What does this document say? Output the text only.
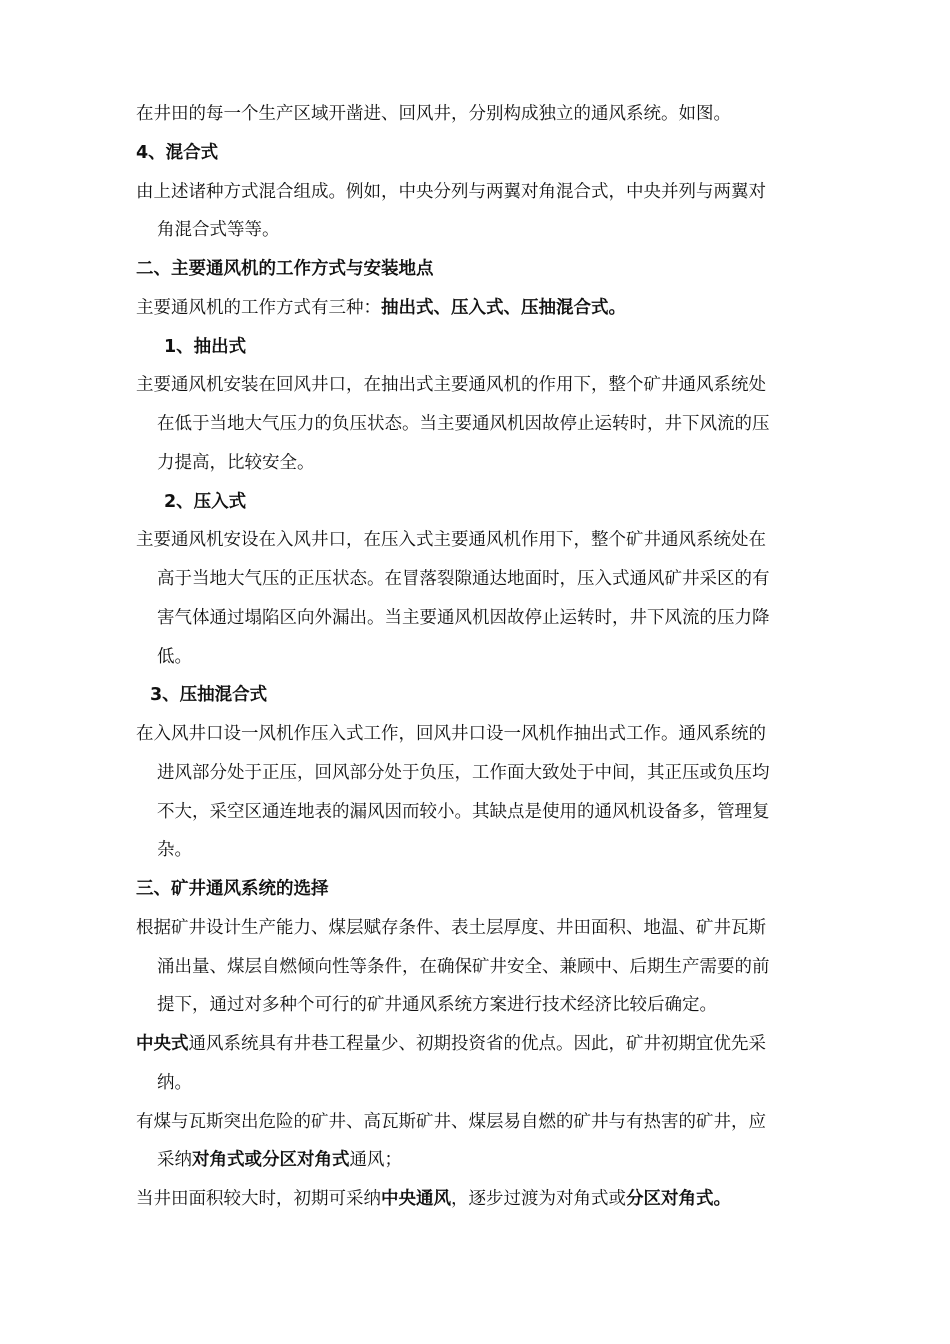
在井田的每一个生产区域开凿进、回风井，分别构成独立的通风系统。如图。
4、混合式
由上述诸种方式混合组成。例如，中央分列与两翼对角混合式，中央并列与两翼对
角混合式等等。
二、主要通风机的工作方式与安装地点
主要通风机的工作方式有三种：抽出式、压入式、压抽混合式。
1、抽出式
主要通风机安装在回风井口，在抽出式主要通风机的作用下，整个矿井通风系统处
在低于当地大气压力的负压状态。当主要通风机因故停止运转时，井下风流的压
力提高，比较安全。
2、压入式
主要通风机安设在入风井口，在压入式主要通风机作用下，整个矿井通风系统处在
高于当地大气压的正压状态。在冒落裂隙通达地面时，压入式通风矿井采区的有
害气体通过塌陷区向外漏出。当主要通风机因故停止运转时，井下风流的压力降
低。
3、压抽混合式
在入风井口设一风机作压入式工作，回风井口设一风机作抽出式工作。通风系统的
进风部分处于正压，回风部分处于负压，工作面大致处于中间，其正压或负压均
不大，采空区通连地表的漏风因而较小。其缺点是使用的通风机设备多，管理复
杂。
三、矿井通风系统的选择
根据矿井设计生产能力、煤层赋存条件、表土层厚度、井田面积、地温、矿井瓦斯
涌出量、煤层自燃倾向性等条件，在确保矿井安全、兼顾中、后期生产需要的前
提下，通过对多种个可行的矿井通风系统方案进行技术经济比较后确定。
中央式通风系统具有井巷工程量少、初期投资省的优点。因此，矿井初期宜优先采
纳。
有煤与瓦斯突出危险的矿井、高瓦斯矿井、煤层易自燃的矿井与有热害的矿井，应
采纳对角式或分区对角式通风；
当井田面积较大时，初期可采纳中央通风，逐步过渡为对角式或分区对角式。
